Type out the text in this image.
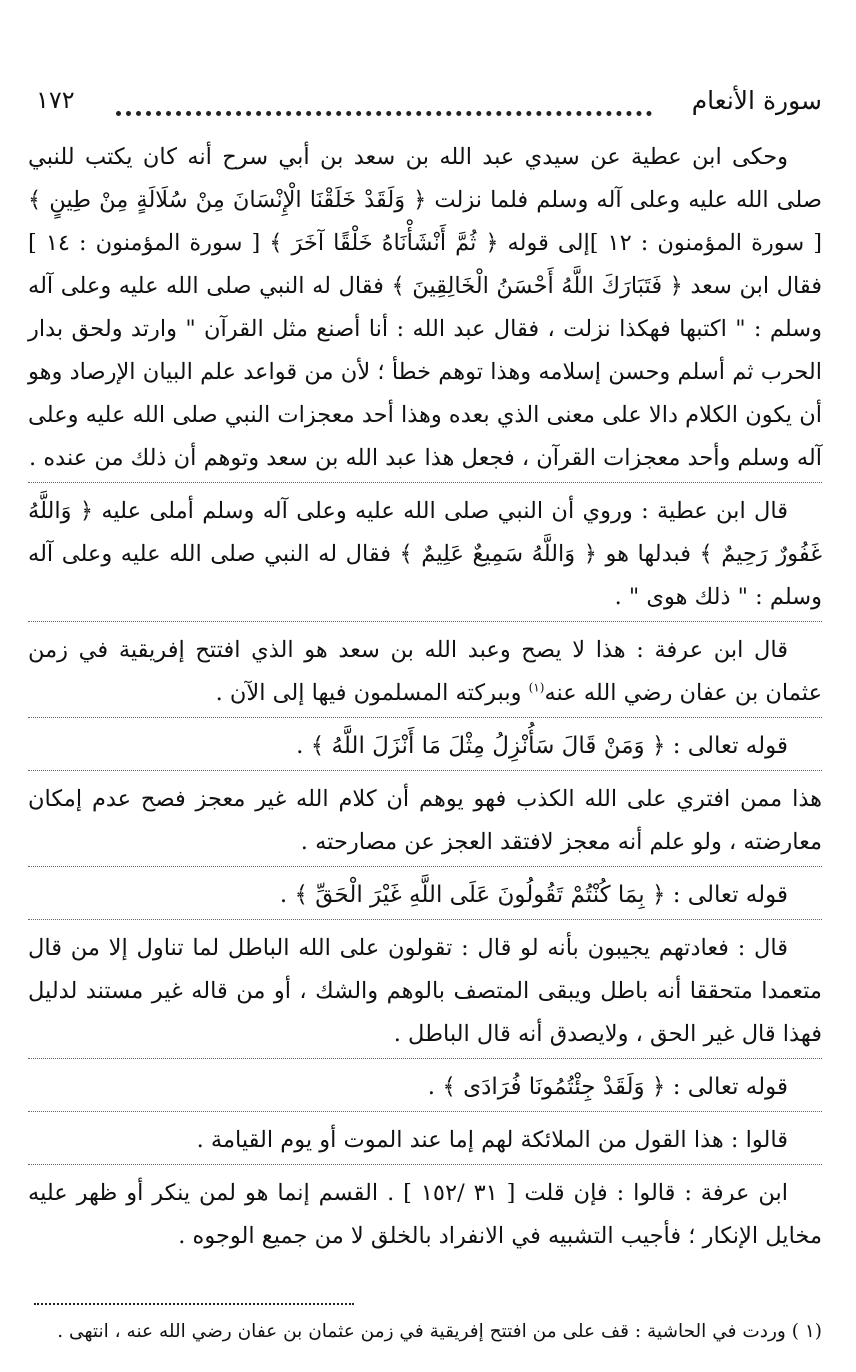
سورة الأنعام
١٧٢

وحكى ابن عطية عن سيدي عبد الله بن سعد بن أبي سرح أنه كان يكتب للنبي صلى الله عليه وعلى آله وسلم فلما نزلت ﴿ وَلَقَدْ خَلَقْنَا الْإِنْسَانَ مِنْ سُلَالَةٍ مِنْ طِينٍ ﴾ [ سورة المؤمنون : ١٢ ]إلى قوله ﴿ ثُمَّ أَنْشَأْنَاهُ خَلْقًا آخَرَ ﴾ [ سورة المؤمنون : ١٤ ] فقال ابن سعد ﴿ فَتَبَارَكَ اللَّهُ أَحْسَنُ الْخَالِقِينَ ﴾ فقال له النبي صلى الله عليه وعلى آله وسلم : " اكتبها فهكذا نزلت ، فقال عبد الله : أنا أصنع مثل القرآن " وارتد ولحق بدار الحرب ثم أسلم وحسن إسلامه وهذا توهم خطأ ؛ لأن من قواعد علم البيان الإرصاد وهو أن يكون الكلام دالا على معنى الذي بعده وهذا أحد معجزات النبي صلى الله عليه وعلى آله وسلم وأحد معجزات القرآن ، فجعل هذا عبد الله بن سعد وتوهم أن ذلك من عنده .

قال ابن عطية : وروي أن النبي صلى الله عليه وعلى آله وسلم أملى عليه ﴿ وَاللَّهُ غَفُورٌ رَحِيمٌ ﴾ فبدلها هو ﴿ وَاللَّهُ سَمِيعٌ عَلِيمٌ ﴾ فقال له النبي صلى الله عليه وعلى آله وسلم : " ذلك هوى " .

قال ابن عرفة : هذا لا يصح وعبد الله بن سعد هو الذي افتتح إفريقية في زمن عثمان بن عفان رضي الله عنه$^{(١)}$ وببركته المسلمون فيها إلى الآن .

قوله تعالى : ﴿ وَمَنْ قَالَ سَأُنْزِلُ مِثْلَ مَا أَنْزَلَ اللَّهُ ﴾ .

هذا ممن افتري على الله الكذب فهو يوهم أن كلام الله غير معجز فصح عدم إمكان معارضته ، ولو علم أنه معجز لافتقد العجز عن مصارحته .

قوله تعالى : ﴿ بِمَا كُنْتُمْ تَقُولُونَ عَلَى اللَّهِ غَيْرَ الْحَقِّ ﴾ .

قال : فعادتهم يجيبون بأنه لو قال : تقولون على الله الباطل لما تناول إلا من قال متعمدا متحققا أنه باطل ويبقى المتصف بالوهم والشك ، أو من قاله غير مستند لدليل فهذا قال غير الحق ، ولايصدق أنه قال الباطل .

قوله تعالى : ﴿ وَلَقَدْ جِئْتُمُونَا فُرَادَى ﴾ .

قالوا : هذا القول من الملائكة لهم إما عند الموت أو يوم القيامة .

ابن عرفة : قالوا : فإن قلت [ ٣١ /١٥٢ ] . القسم إنما هو لمن ينكر أو ظهر عليه مخايل الإنكار ؛ فأجيب التشبيه في الانفراد بالخلق لا من جميع الوجوه .

(١ ) وردت في الحاشية : قف على من افتتح إفريقية في زمن عثمان بن عفان رضي الله عنه ، انتهى .
